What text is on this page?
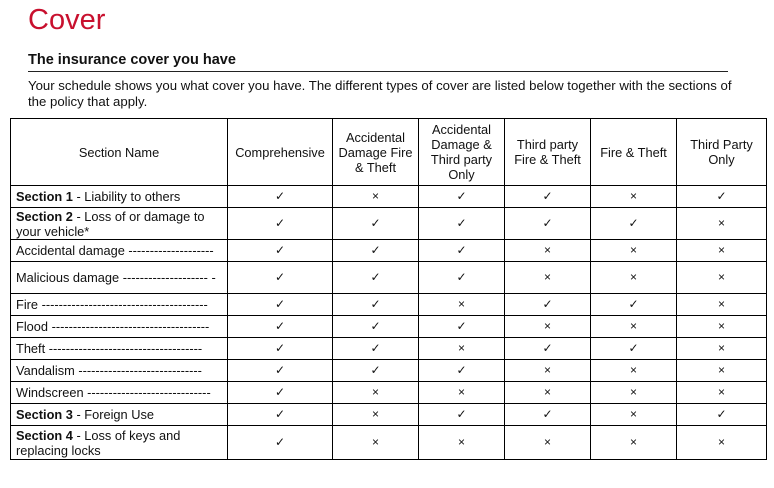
Cover
The insurance cover you have
Your schedule shows you what cover you have. The different types of cover are listed below together with the sections of the policy that apply.
Section Name	Comprehensive	Accidental Damage Fire & Theft	Accidental Damage & Third party Only	Third party Fire & Theft	Fire & Theft	Third Party Only
Section 1 - Liability to others	✓	×	✓	✓	×	✓
Section 2 - Loss of or damage to your vehicle*	✓	✓	✓	✓	✓	×
Accidental damage --------------------	✓	✓	✓	×	×	×
Malicious damage -------------------- -	✓	✓	✓	×	×	×
Fire ---------------------------------------	✓	✓	×	✓	✓	×
Flood -------------------------------------	✓	✓	✓	×	×	×
Theft ------------------------------------	✓	✓	×	✓	✓	×
Vandalism -----------------------------	✓	✓	✓	×	×	×
Windscreen -----------------------------	✓	×	×	×	×	×
Section 3 - Foreign Use	✓	×	✓	✓	×	✓
Section 4 - Loss of keys and replacing locks	✓	×	×	×	×	×
